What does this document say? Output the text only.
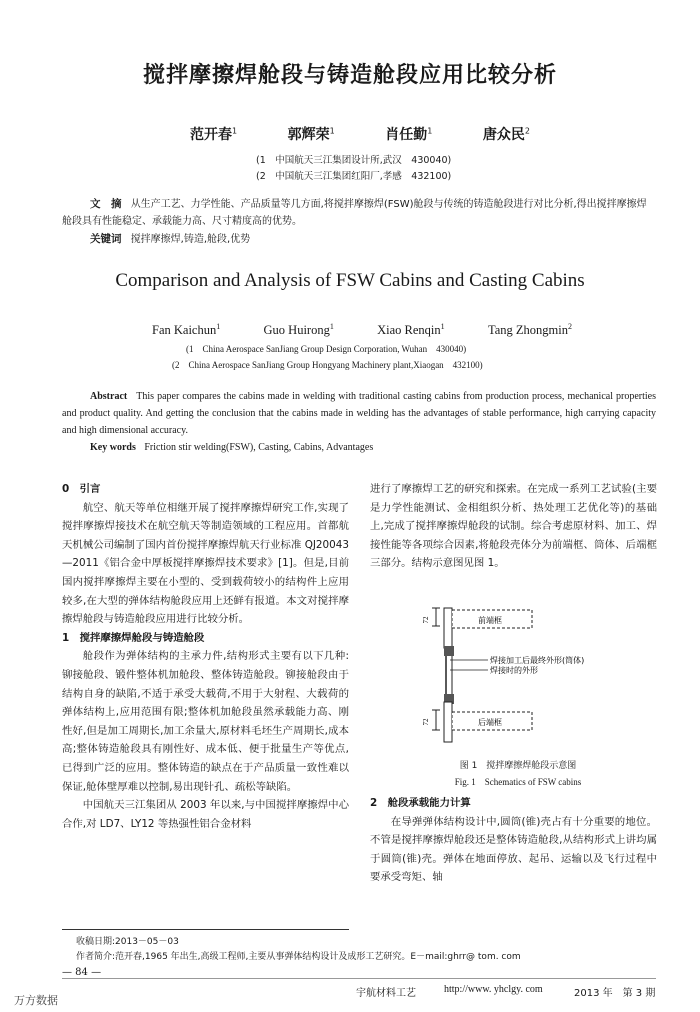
搅拌摩擦焊舱段与铸造舱段应用比较分析
范开春$^1$	郭辉荣$^1$	肖任勤$^1$	唐众民$^2$
(1　中国航天三江集团设计所,武汉　430040)
(2　中国航天三江集团红阳厂,孝感　432100)
文　摘 从生产工艺、力学性能、产品质量等几方面,将搅拌摩擦焊(FSW)舱段与传统的铸造舱段进行对比分析,得出搅拌摩擦焊舱段具有性能稳定、承载能力高、尺寸精度高的优势。
关键词 搅拌摩擦焊,铸造,舱段,优势
Comparison and Analysis of FSW Cabins and Casting Cabins
Fan Kaichun$^1$	Guo Huirong$^1$	Xiao Renqin$^1$	Tang Zhongmin$^2$
(1　China Aerospace SanJiang Group Design Corporation, Wuhan　430040)
(2　China Aerospace SanJiang Group Hongyang Machinery plant,Xiaogan　432100)
Abstract This paper compares the cabins made in welding with traditional casting cabins from production process, mechanical properties and product quality. And getting the conclusion that the cabins made in welding has the advantages of stable performance, high carrying capacity and high dimensional accuracy.
Key words Friction stir welding(FSW), Casting, Cabins, Advantages

0　引言

航空、航天等单位相继开展了搅拌摩擦焊研究工作,实现了搅拌摩擦焊接技术在航空航天等制造领域的工程应用。首都航天机械公司编制了国内首份搅拌摩擦焊航天行业标准 QJ20043—2011《铝合金中厚板搅拌摩擦焊技术要求》[1]。但是,目前国内搅拌摩擦焊主要在小型的、受到载荷较小的结构件上应用较多,在大型的弹体结构舱段应用上还鲜有报道。本文对搅拌摩擦焊舱段与铸造舱段应用进行比较分析。

1　搅拌摩擦焊舱段与铸造舱段

舱段作为弹体结构的主承力件,结构形式主要有以下几种:铆接舱段、锻件整体机加舱段、整体铸造舱段。铆接舱段由于结构自身的缺陷,不适于承受大载荷,不用于大射程、大载荷的弹体结构上,应用范围有限;整体机加舱段虽然承载能力高、刚性好,但是加工周期长,加工余量大,原材料毛坯生产周期长,成本高;整体铸造舱段具有刚性好、成本低、便于批量生产等优点,已得到广泛的应用。整体铸造的缺点在于产品质量一致性难以保证,舱体壁厚难以控制,易出现针孔、疏松等缺陷。

中国航天三江集团从 2003 年以来,与中国搅拌摩擦焊中心合作,对 LD7、LY12 等热强性铝合金材料

进行了摩擦焊工艺的研究和探索。在完成一系列工艺试验(主要是力学性能测试、金相组织分析、热处理工艺优化等)的基础上,完成了搅拌摩擦焊舱段的试制。综合考虑原材料、加工、焊接性能等各项综合因素,将舱段壳体分为前端框、筒体、后端框三部分。结构示意图见图 1。

72	前端框
焊接加工后最终外形(筒体)
焊接时的外形
后端框
72
图 1　搅拌摩擦焊舱段示意图
Fig. 1　Schematics of FSW cabins

2　舱段承载能力计算

在导弹弹体结构设计中,圆筒(锥)壳占有十分重要的地位。不管是搅拌摩擦焊舱段还是整体铸造舱段,从结构形式上讲均属于圆筒(锥)壳。弹体在地面停放、起吊、运输以及飞行过程中要承受弯矩、轴

收稿日期:2013－05－03
作者简介:范开春,1965 年出生,高级工程师,主要从事弹体结构设计及成形工艺研究。E－mail:ghrr@ tom. com
— 84 —
宇航材料工艺	http://www. yhclgy. com	2013 年　第 3 期
万方数据
